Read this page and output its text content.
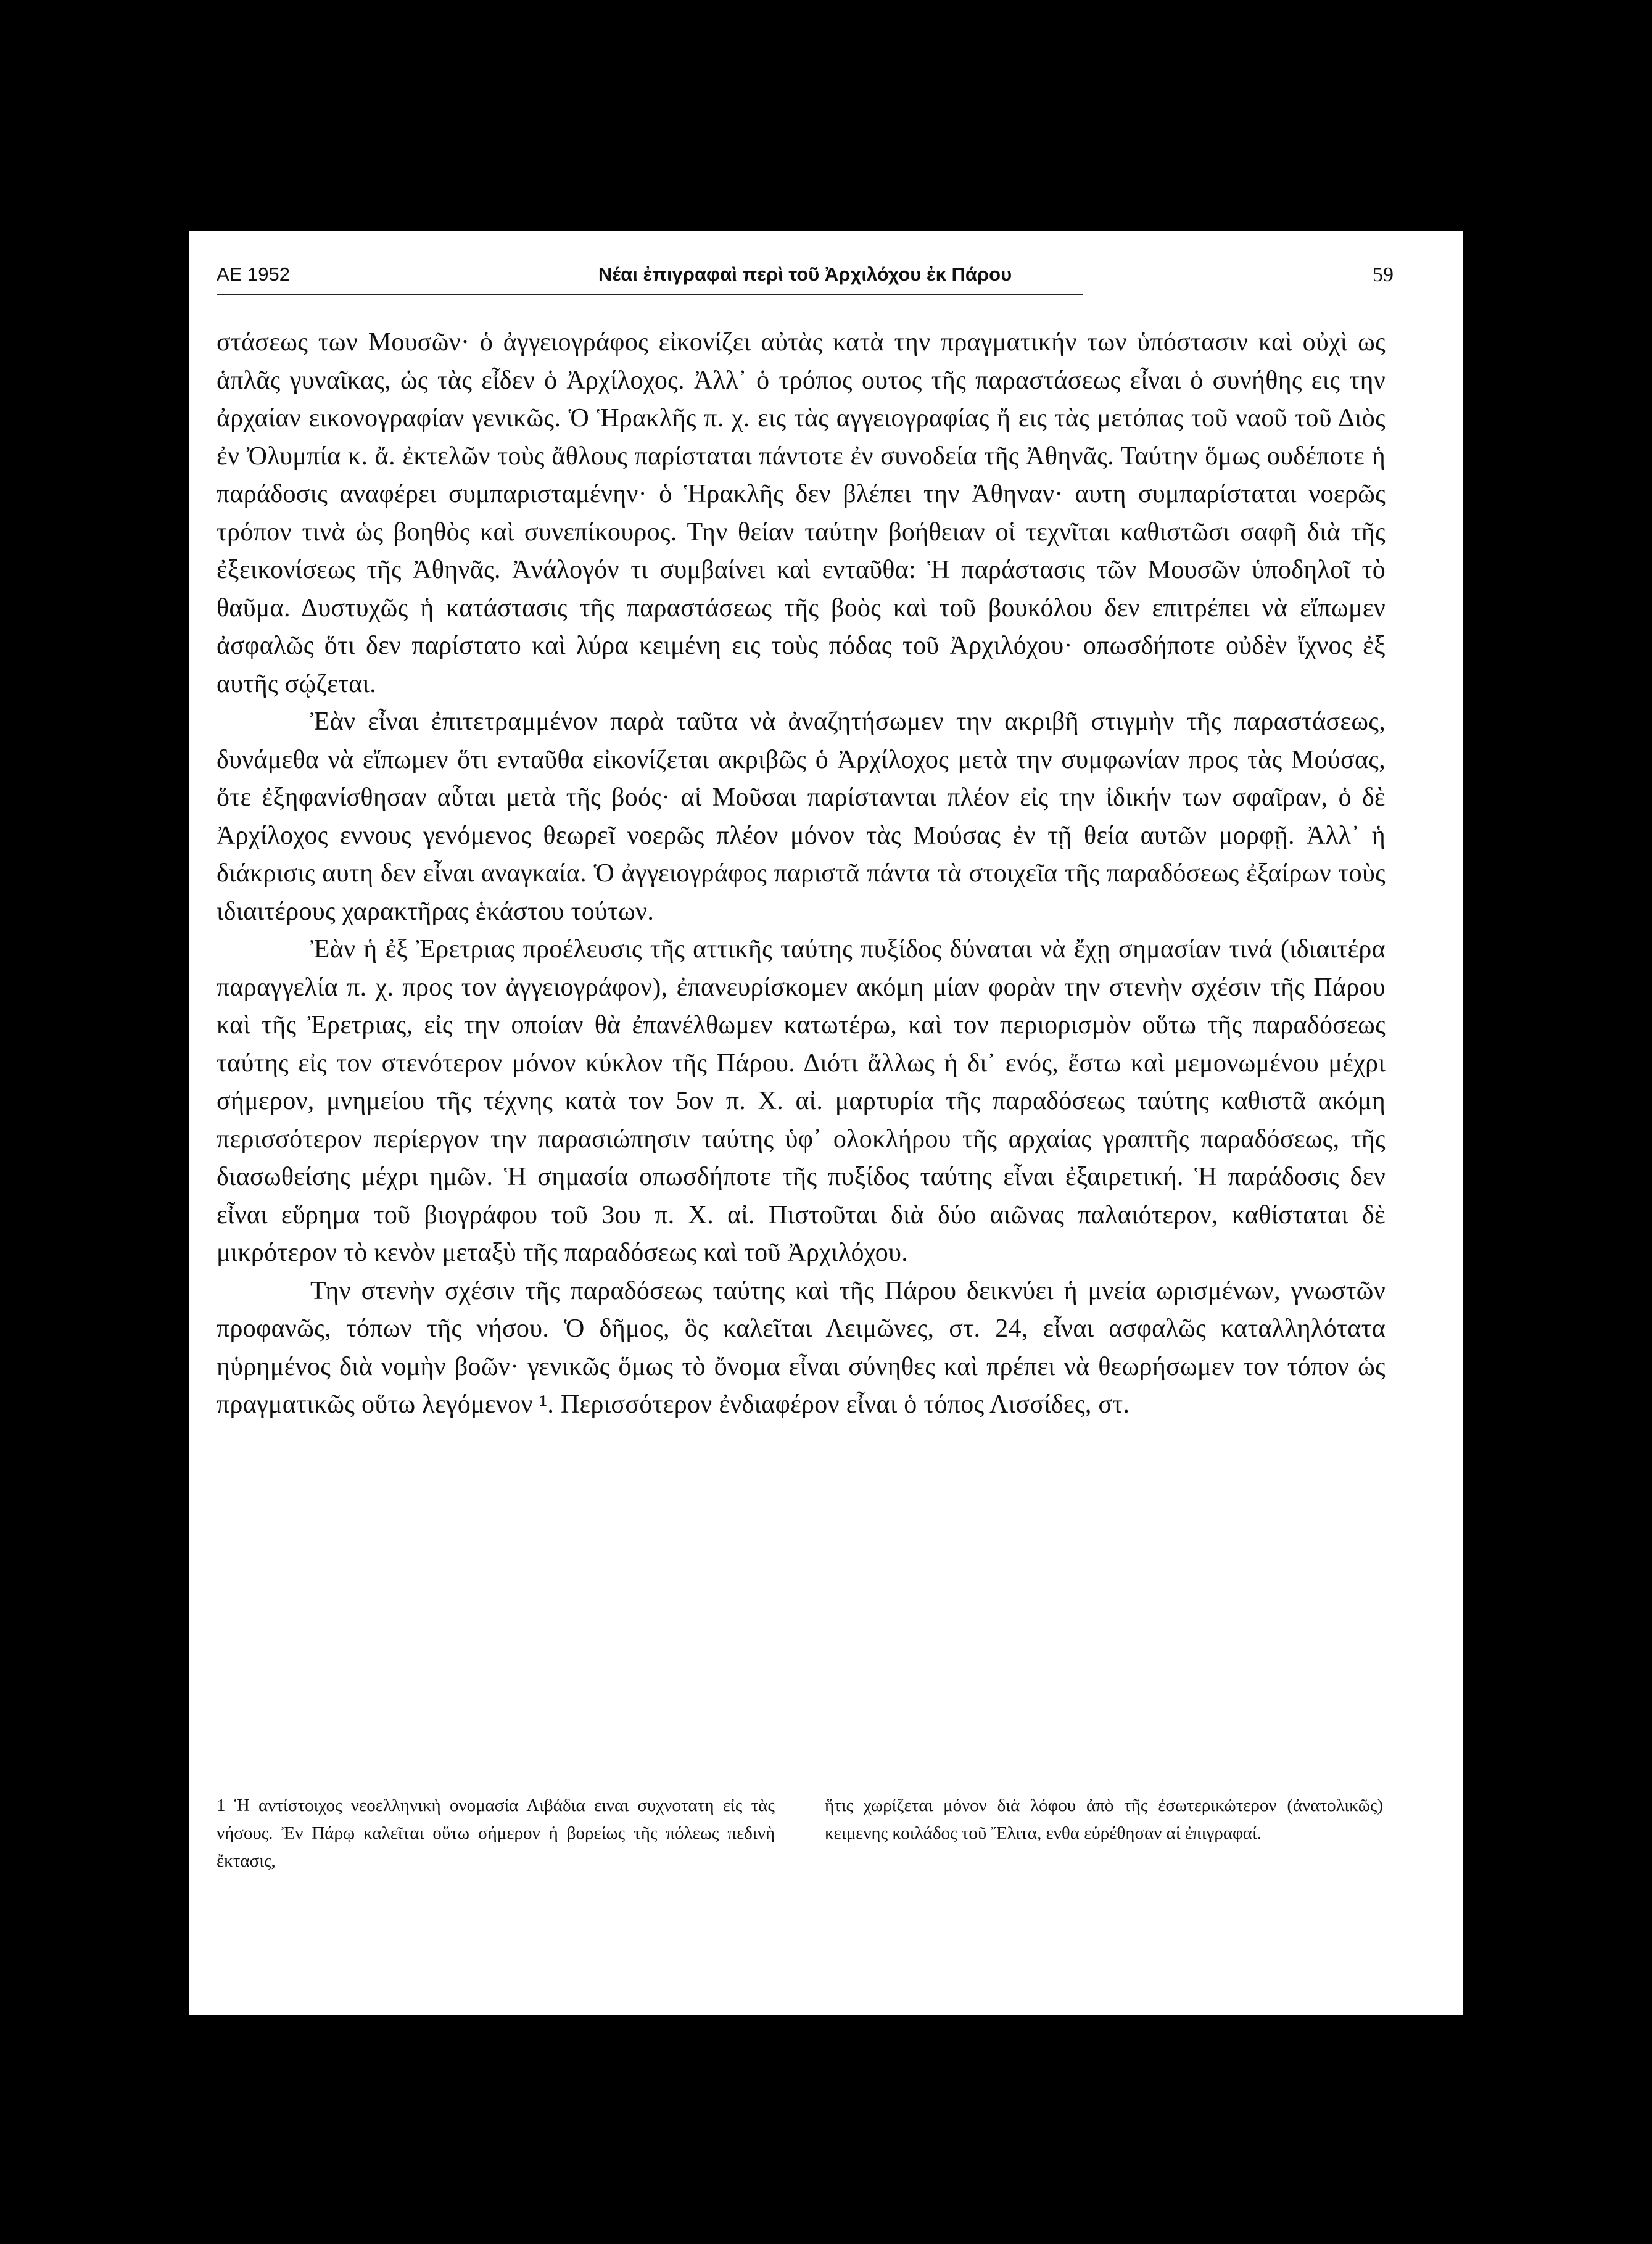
ΑΕ 1952	Νέαι ἐπιγραφαὶ περὶ τοῦ Ἀρχιλόχου ἐκ Πάρου	59

στάσεως των Μουσῶν· ὁ ἀγγειογράφος εἰκονίζει αὐτὰς κατὰ την πραγματικήν των ὑπόστασιν καὶ οὐχὶ ως ἁπλᾶς γυναῖκας, ὡς τὰς εἶδεν ὁ Ἀρχίλοχος. Ἀλλ᾿ ὁ τρόπος ουτος τῆς παραστάσεως εἶναι ὁ συνήθης εις την ἀρχαίαν εικονογραφίαν γενικῶς. Ὁ Ἡρακλῆς π. χ. εις τὰς αγγειογραφίας ἤ εις τὰς μετόπας τοῦ ναοῦ τοῦ Διὸς ἐν Ὀλυμπία κ. ἄ. ἐκτελῶν τοὺς ἄθλους παρίσταται πάντοτε ἐν συνοδεία τῆς Ἀθηνᾶς. Ταύτην ὅμως ουδέποτε ἡ παράδοσις αναφέρει συμπαρισταμένην· ὁ Ἡρακλῆς δεν βλέπει την Ἀθηναν· αυτη συμπαρίσταται νοερῶς τρόπον τινὰ ὡς βοηθὸς καὶ συνεπίκουρος. Την θείαν ταύτην βοήθειαν οἱ τεχνῖται καθιστῶσι σαφῆ διὰ τῆς ἐξεικονίσεως τῆς Ἀθηνᾶς. Ἀνάλογόν τι συμβαίνει καὶ ενταῦθα: Ἡ παράστασις τῶν Μουσῶν ὑποδηλοῖ τὸ θαῦμα. Δυστυχῶς ἡ κατάστασις τῆς παραστάσεως τῆς βοὸς καὶ τοῦ βουκόλου δεν επιτρέπει νὰ εἴπωμεν ἀσφαλῶς ὅτι δεν παρίστατο καὶ λύρα κειμένη εις τοὺς πόδας τοῦ Ἀρχιλόχου· οπωσδήποτε οὐδὲν ἴχνος ἐξ αυτῆς σῴζεται.

Ἐὰν εἶναι ἐπιτετραμμένον παρὰ ταῦτα νὰ ἀναζητήσωμεν την ακριβῆ στιγμὴν τῆς παραστάσεως, δυνάμεθα νὰ εἴπωμεν ὅτι ενταῦθα εἰκονίζεται ακριβῶς ὁ Ἀρχίλοχος μετὰ την συμφωνίαν προς τὰς Μούσας, ὅτε ἐξηφανίσθησαν αὗται μετὰ τῆς βοός· αἱ Μοῦσαι παρίστανται πλέον εἰς την ἰδικήν των σφαῖραν, ὁ δὲ Ἀρχίλοχος εννους γενόμενος θεωρεῖ νοερῶς πλέον μόνον τὰς Μούσας ἐν τῇ θεία αυτῶν μορφῇ. Ἀλλ᾿ ἡ διάκρισις αυτη δεν εἶναι αναγκαία. Ὁ ἀγγειογράφος παριστᾶ πάντα τὰ στοιχεῖα τῆς παραδόσεως ἐξαίρων τοὺς ιδιαιτέρους χαρακτῆρας ἑκάστου τούτων.

Ἐὰν ἡ ἐξ Ἐρετριας προέλευσις τῆς αττικῆς ταύτης πυξίδος δύναται νὰ ἔχῃ σημασίαν τινά (ιδιαιτέρα παραγγελία π. χ. προς τον ἀγγειογράφον), ἐπανευρίσκομεν ακόμη μίαν φορὰν την στενὴν σχέσιν τῆς Πάρου καὶ τῆς Ἐρετριας, εἰς την οποίαν θὰ ἐπανέλθωμεν κατωτέρω, καὶ τον περιορισμὸν οὕτω τῆς παραδόσεως ταύτης εἰς τον στενότερον μόνον κύκλον τῆς Πάρου. Διότι ἄλλως ἡ δι᾿ ενός, ἔστω καὶ μεμονωμένου μέχρι σήμερον, μνημείου τῆς τέχνης κατὰ τον 5ον π. Χ. αἰ. μαρτυρία τῆς παραδόσεως ταύτης καθιστᾶ ακόμη περισσότερον περίεργον την παρασιώπησιν ταύτης ὑφ᾿ ολοκλήρου τῆς αρχαίας γραπτῆς παραδόσεως, τῆς διασωθείσης μέχρι ημῶν. Ἡ σημασία οπωσδήποτε τῆς πυξίδος ταύτης εἶναι ἐξαιρετική. Ἡ παράδοσις δεν εἶναι εὕρημα τοῦ βιογράφου τοῦ 3ου π. Χ. αἰ. Πιστοῦται διὰ δύο αιῶνας παλαιότερον, καθίσταται δὲ μικρότερον τὸ κενὸν μεταξὺ τῆς παραδόσεως καὶ τοῦ Ἀρχιλόχου.

Την στενὴν σχέσιν τῆς παραδόσεως ταύτης καὶ τῆς Πάρου δεικνύει ἡ μνεία ωρισμένων, γνωστῶν προφανῶς, τόπων τῆς νήσου. Ὁ δῆμος, ὃς καλεῖται Λειμῶνες, στ. 24, εἶναι ασφαλῶς καταλληλότατα ηὑρημένος διὰ νομὴν βοῶν· γενικῶς ὅμως τὸ ὄνομα εἶναι σύνηθες καὶ πρέπει νὰ θεωρήσωμεν τον τόπον ὡς πραγματικῶς οὕτω λεγόμενον ¹. Περισσότερον ἐνδιαφέρον εἶναι ὁ τόπος Λισσίδες, στ.

1 Ἡ αντίστοιχος νεοελληνικὴ ονομασία Λιβάδια ειναι συχνοτατη εἰς τὰς νήσους. Ἐν Πάρῳ καλεῖται οὕτω σήμερον ἡ βορείως τῆς πόλεως πεδινὴ ἔκτασις,

ἥτις χωρίζεται μόνον διὰ λόφου ἀπὸ τῆς ἐσωτερικώτερον (ἀνατολικῶς) κειμενης κοιλάδος τοῦ Ἔλιτα, ενθα εὑρέθησαν αἱ ἐπιγραφαί.
